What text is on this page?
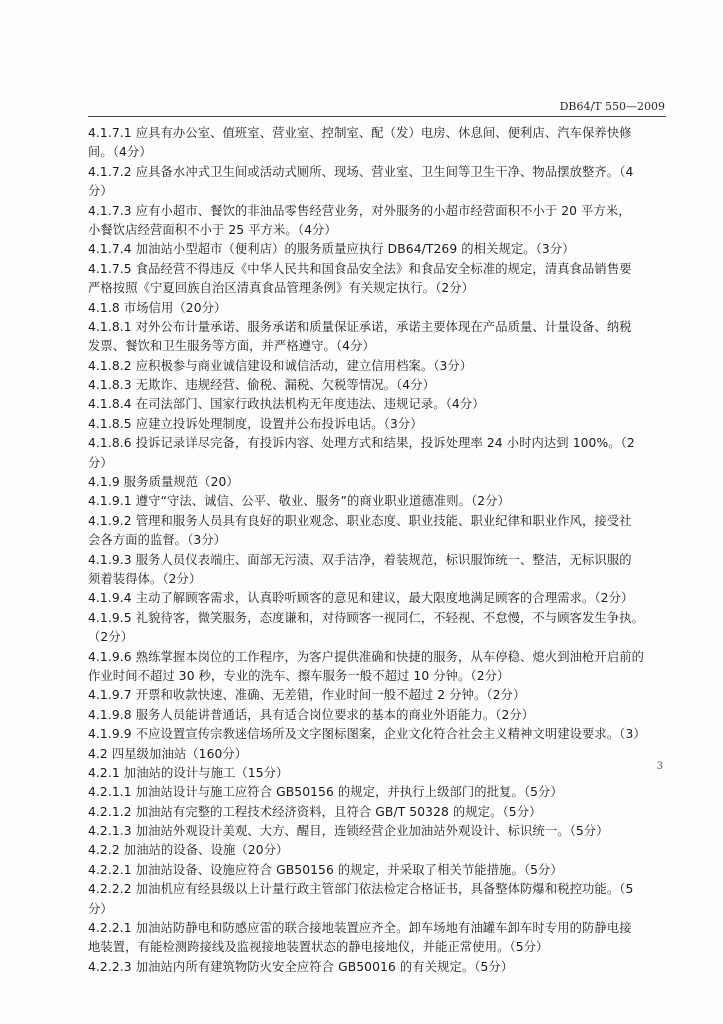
DB64/T 550—2009
4.1.7.1 应具有办公室、值班室、营业室、控制室、配（发）电房、休息间、便利店、汽车保养快修
间。（4分）
4.1.7.2 应具备水冲式卫生间或活动式厕所、现场、营业室、卫生间等卫生干净、物品摆放整齐。（4
分）
4.1.7.3 应有小超市、餐饮的非油品零售经营业务，对外服务的小超市经营面积不小于 20 平方米，
小餐饮店经营面积不小于 25 平方米。（4分）
4.1.7.4 加油站小型超市（便利店）的服务质量应执行 DB64/T269 的相关规定。（3分）
4.1.7.5 食品经营不得违反《中华人民共和国食品安全法》和食品安全标准的规定，清真食品销售要
严格按照《宁夏回族自治区清真食品管理条例》有关规定执行。（2分）
4.1.8 市场信用（20分）
4.1.8.1 对外公布计量承诺、服务承诺和质量保证承诺，承诺主要体现在产品质量、计量设备、纳税
发票、餐饮和卫生服务等方面，并严格遵守。（4分）
4.1.8.2 应积极参与商业诚信建设和诚信活动，建立信用档案。（3分）
4.1.8.3 无欺诈、违规经营、偷税、漏税、欠税等情况。（4分）
4.1.8.4 在司法部门、国家行政执法机构无年度违法、违规记录。（4分）
4.1.8.5 应建立投诉处理制度，设置并公布投诉电话。（3分）
4.1.8.6 投诉记录详尽完备，有投诉内容、处理方式和结果，投诉处理率 24 小时内达到 100%。（2
分）
4.1.9 服务质量规范（20）
4.1.9.1 遵守“守法、诚信、公平、敬业、服务”的商业职业道德准则。（2分）
4.1.9.2 管理和服务人员具有良好的职业观念、职业态度、职业技能、职业纪律和职业作风，接受社
会各方面的监督。（3分）
4.1.9.3 服务人员仪表端庄、面部无污渍、双手洁净，着装规范，标识服饰统一、整洁，无标识服的
须着装得体。（2分）
4.1.9.4 主动了解顾客需求，认真聆听顾客的意见和建议，最大限度地满足顾客的合理需求。（2分）
4.1.9.5 礼貌待客，微笑服务，态度谦和，对待顾客一视同仁，不轻视、不怠慢，不与顾客发生争执。
（2分）
4.1.9.6 熟练掌握本岗位的工作程序，为客户提供准确和快捷的服务，从车停稳、熄火到油枪开启前的
作业时间不超过 30 秒，专业的洗车、擦车服务一般不超过 10 分钟。（2分）
4.1.9.7 开票和收款快速、准确、无差错，作业时间一般不超过 2 分钟。（2分）
4.1.9.8 服务人员能讲普通话，具有适合岗位要求的基本的商业外语能力。（2分）
4.1.9.9 不应设置宣传宗教迷信场所及文字图标图案，企业文化符合社会主义精神文明建设要求。（3）
4.2 四星级加油站（160分）
4.2.1 加油站的设计与施工（15分）
4.2.1.1 加油站设计与施工应符合 GB50156 的规定，并执行上级部门的批复。（5分）
4.2.1.2 加油站有完整的工程技术经济资料，且符合 GB/T 50328 的规定。（5分）
4.2.1.3 加油站外观设计美观、大方、醒目，连锁经营企业加油站外观设计、标识统一。（5分）
4.2.2 加油站的设备、设施（20分）
4.2.2.1 加油站设备、设施应符合 GB50156 的规定，并采取了相关节能措施。（5分）
4.2.2.2 加油机应有经县级以上计量行政主管部门依法检定合格证书，具备整体防爆和税控功能。（5
分）
4.2.2.1 加油站防静电和防感应雷的联合接地装置应齐全。卸车场地有油罐车卸车时专用的防静电接
地装置，有能检测跨接线及监视接地装置状态的静电接地仪，并能正常使用。（5分）
4.2.2.3 加油站内所有建筑物防火安全应符合 GB50016 的有关规定。（5分）
3
